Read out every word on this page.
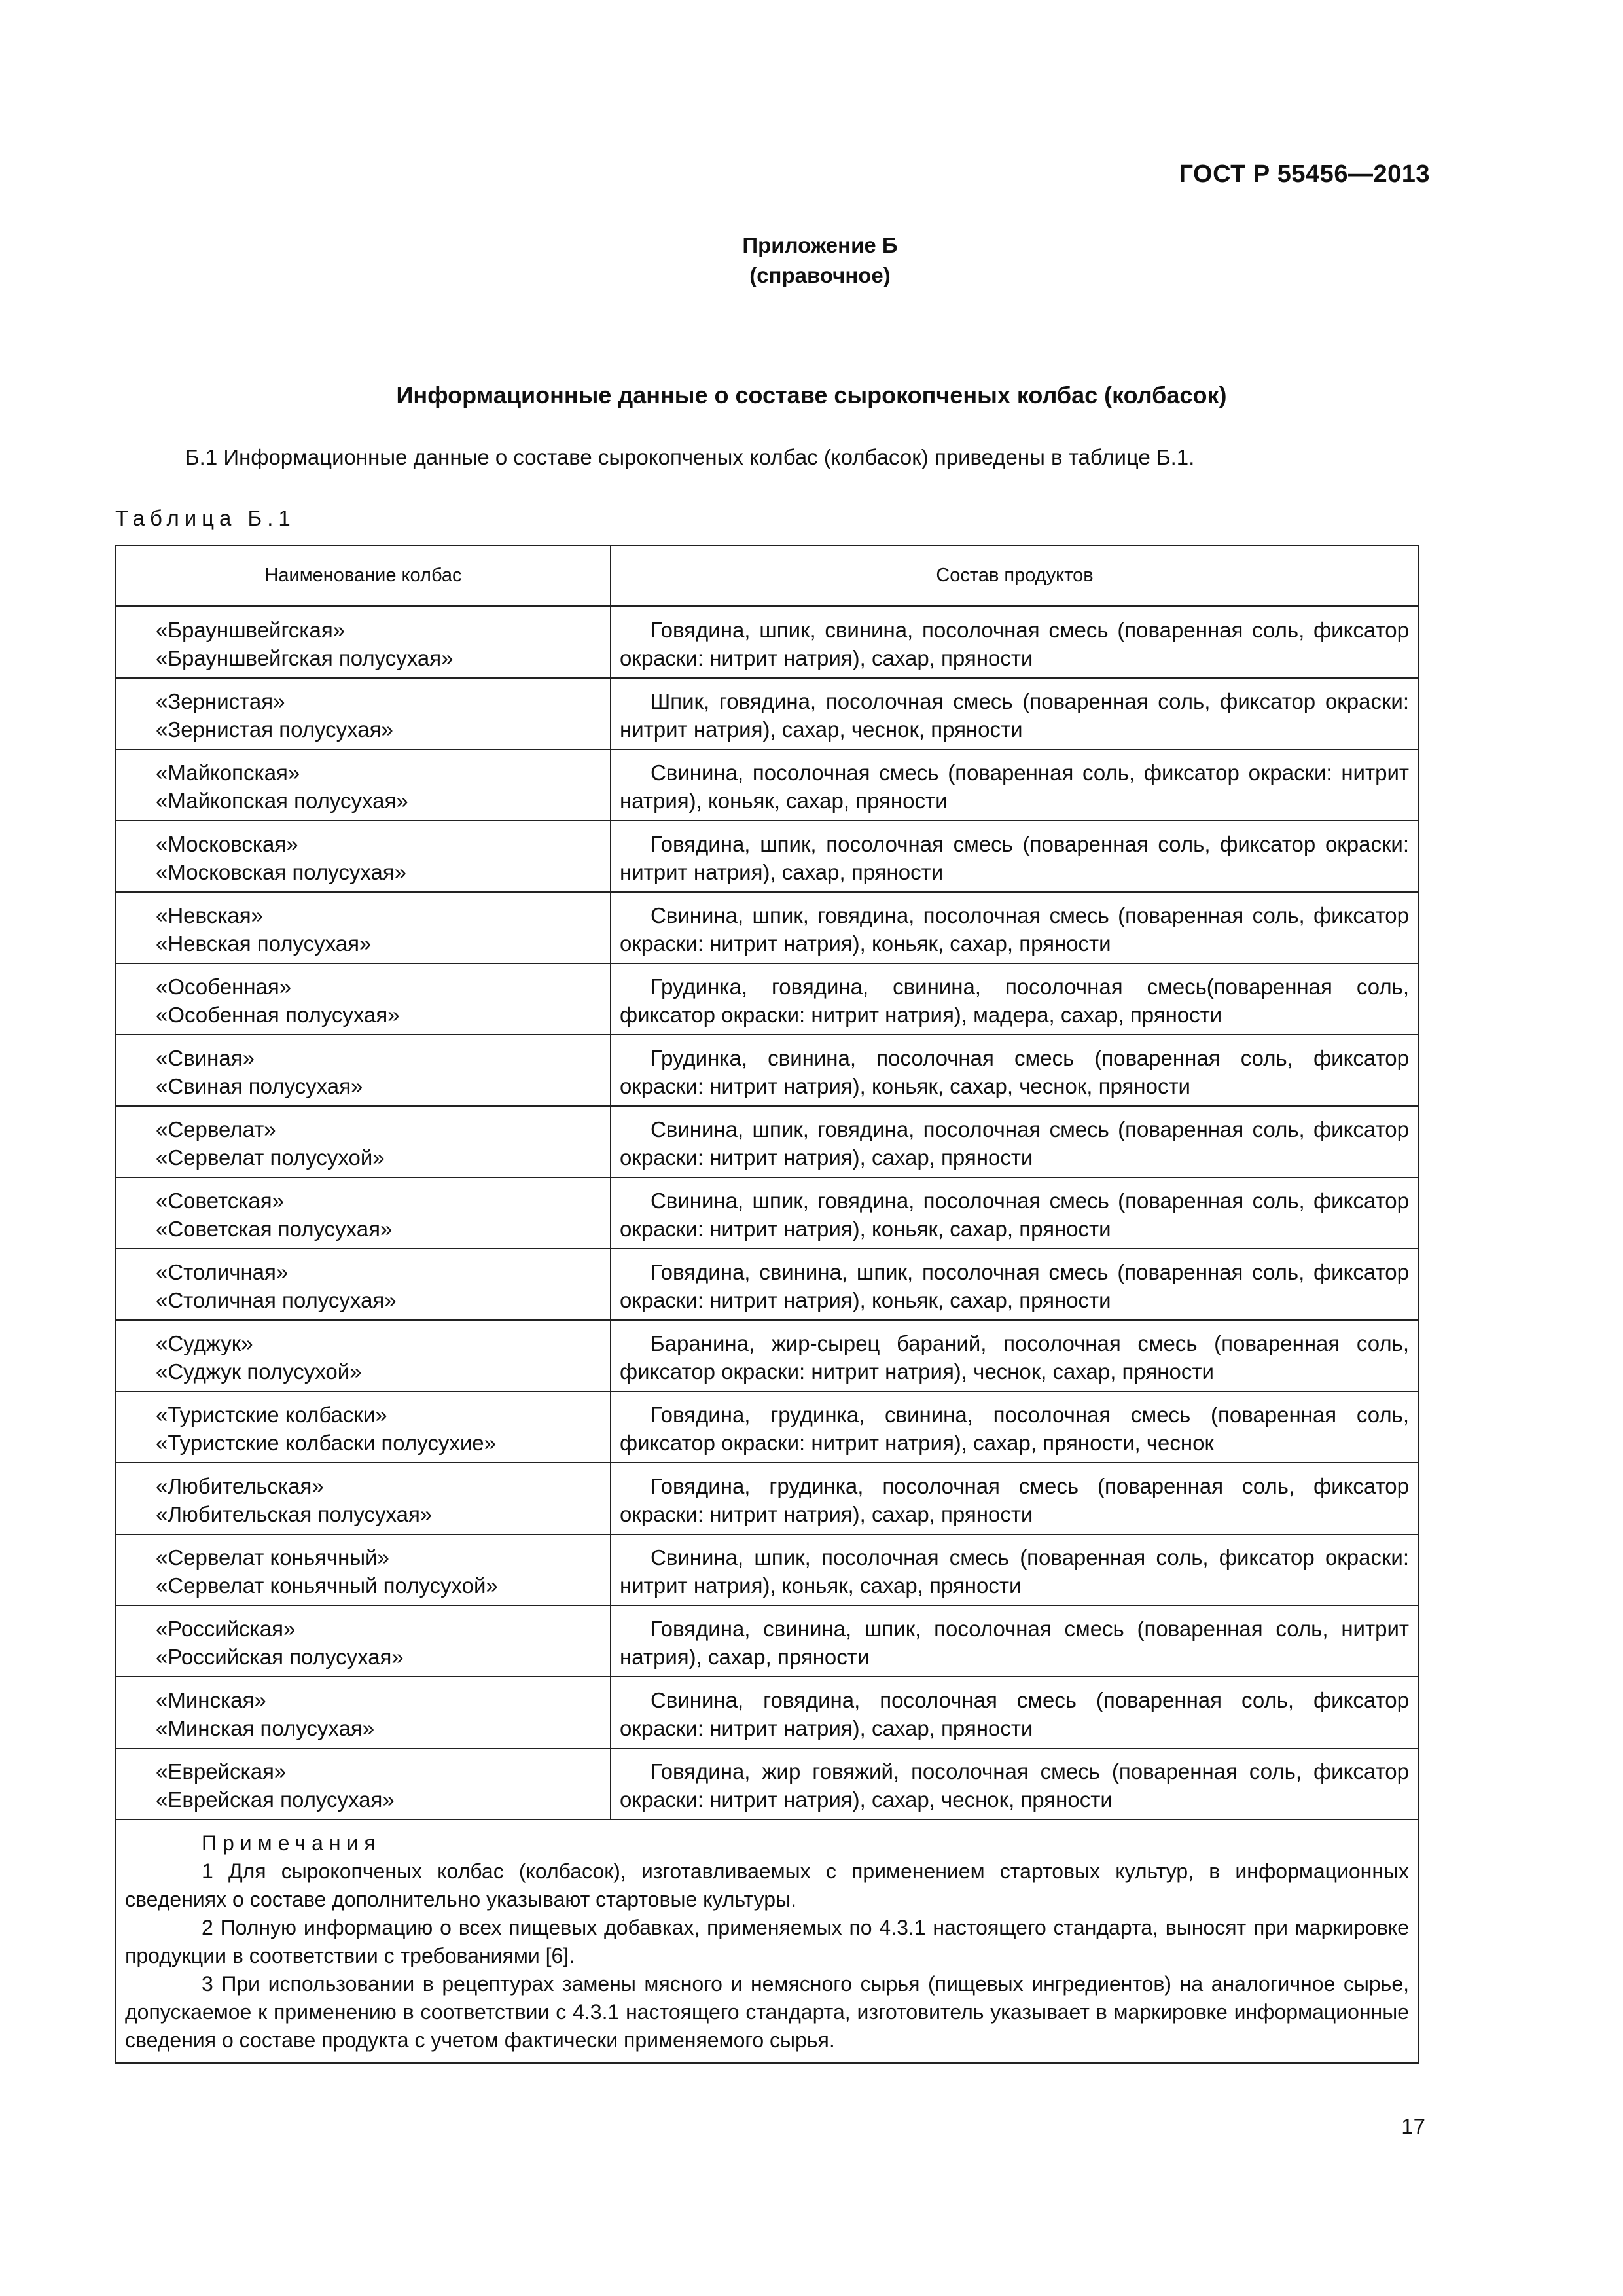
ГОСТ Р 55456—2013
Приложение Б
(справочное)
Информационные данные о составе сырокопченых колбас (колбасок)
Б.1 Информационные данные о составе сырокопченых колбас (колбасок) приведены в таблице Б.1.
Таблица Б.1
Наименование колбас	Состав продуктов

«Брауншвейгская»
«Брауншвейгская полусухая»	Говядина, шпик, свинина, посолочная смесь (поваренная соль, фиксатор окраски: нитрит натрия), сахар, пряности

«Зернистая»
«Зернистая полусухая»	Шпик, говядина, посолочная смесь (поваренная соль, фиксатор окраски: нитрит натрия), сахар, чеснок, пряности

«Майкопская»
«Майкопская полусухая»	Свинина, посолочная смесь (поваренная соль, фиксатор окраски: нитрит натрия), коньяк, сахар, пряности

«Московская»
«Московская полусухая»	Говядина, шпик, посолочная смесь (поваренная соль, фиксатор окраски: нитрит натрия), сахар, пряности

«Невская»
«Невская полусухая»	Свинина, шпик, говядина, посолочная смесь (поваренная соль, фиксатор окраски: нитрит натрия), коньяк, сахар, пряности

«Особенная»
«Особенная полусухая»	Грудинка, говядина, свинина, посолочная смесь(поваренная соль, фиксатор окраски: нитрит натрия), мадера, сахар, пряности

«Свиная»
«Свиная полусухая»	Грудинка, свинина, посолочная смесь (поваренная соль, фиксатор окраски: нитрит натрия), коньяк, сахар, чеснок, пряности

«Сервелат»
«Сервелат полусухой»	Свинина, шпик, говядина, посолочная смесь (поваренная соль, фиксатор окраски: нитрит натрия), сахар, пряности

«Советская»
«Советская полусухая»	Свинина, шпик, говядина, посолочная смесь (поваренная соль, фиксатор окраски: нитрит натрия), коньяк, сахар, пряности

«Столичная»
«Столичная полусухая»	Говядина, свинина, шпик, посолочная смесь (поваренная соль, фиксатор окраски: нитрит натрия), коньяк, сахар, пряности

«Суджук»
«Суджук полусухой»	Баранина, жир-сырец бараний, посолочная смесь (поваренная соль, фиксатор окраски: нитрит натрия), чеснок, сахар, пряности

«Туристские колбаски»
«Туристские колбаски полусухие»	Говядина, грудинка, свинина, посолочная смесь (поваренная соль, фиксатор окраски: нитрит натрия), сахар, пряности, чеснок

«Любительская»
«Любительская полусухая»	Говядина, грудинка, посолочная смесь (поваренная соль, фиксатор окраски: нитрит натрия), сахар, пряности

«Сервелат коньячный»
«Сервелат коньячный полусухой»	Свинина, шпик, посолочная смесь (поваренная соль, фиксатор окраски: нитрит натрия), коньяк, сахар, пряности

«Российская»
«Российская полусухая»	Говядина, свинина, шпик, посолочная смесь (поваренная соль, нитрит натрия), сахар, пряности

«Минская»
«Минская полусухая»	Свинина, говядина, посолочная смесь (поваренная соль, фиксатор окраски: нитрит натрия), сахар, пряности

«Еврейская»
«Еврейская полусухая»	Говядина, жир говяжий, посолочная смесь (поваренная соль, фиксатор окраски: нитрит натрия), сахар, чеснок, пряности

Примечания
1 Для сырокопченых колбас (колбасок), изготавливаемых с применением стартовых культур, в информационных сведениях о составе дополнительно указывают стартовые культуры.
2 Полную информацию о всех пищевых добавках, применяемых по 4.3.1 настоящего стандарта, выносят при маркировке продукции в соответствии с требованиями [6].
3 При использовании в рецептурах замены мясного и немясного сырья (пищевых ингредиентов) на аналогичное сырье, допускаемое к применению в соответствии с 4.3.1 настоящего стандарта, изготовитель указывает в маркировке информационные сведения о составе продукта с учетом фактически применяемого сырья.	
17
